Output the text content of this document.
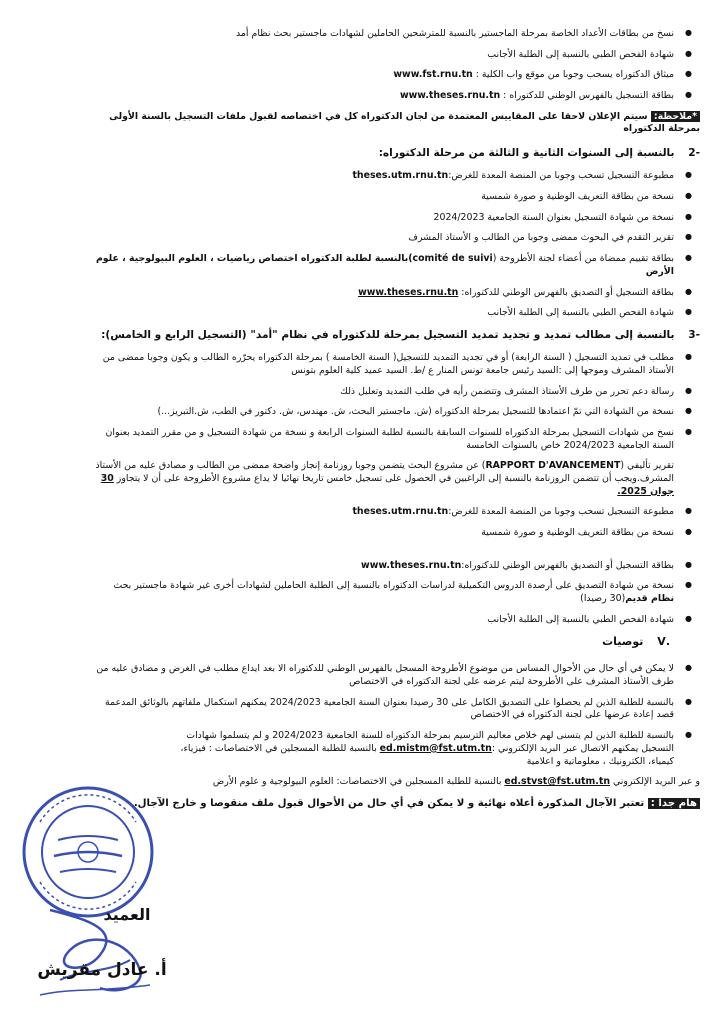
● نسخ من بطاقات الأعداد الخاصة بمرحلة الماجستير بالنسبة للمترشحين الحاملين لشهادات ماجستير بحث نظام أمد
● شهادة الفحص الطبي بالنسبة إلى الطلبة الأجانب
● ميثاق الدكتوراه يسحب وجوبا من موقع واب الكلية : www.fst.rnu.tn
● بطاقة التسجيل بالفهرس الوطني للدكتوراه : www.theses.rnu.tn
*ملاحظة: سيتم الإعلان لاحقا على المقاييس المعتمدة من لجان الدكتوراه كل في اختصاصه لقبول ملفات التسجيل بالسنة الأولى بمرحلة الدكتوراه
-2 بالنسبة إلى السنوات الثانية و الثالثة من مرحلة الدكتوراه:
● مطبوعة التسجيل تسحب وجوبا من المنصة المعدة للغرض:theses.utm.rnu.tn
● نسخة من بطاقة التعريف الوطنية و صورة شمسية
● نسخة من شهادة التسجيل بعنوان السنة الجامعية 2024/2023
● تقرير التقدم في البحوث ممضى وجوبا من الطالب و الأستاذ المشرف
● بطاقة تقييم ممضاة من أعضاء لجنة الأطروحة (comité de suivi)بالنسبة لطلبة الدكتوراه اختصاص رياضيات ، العلوم البيولوجية ، علوم الأرض
● بطاقة التسجيل أو التصديق بالفهرس الوطني للدكتوراه: www.theses.rnu.tn
● شهادة الفحص الطبي بالنسبة إلى الطلبة الأجانب
-3 بالنسبة إلى مطالب تمديد و تجديد تمديد التسجيل بمرحلة للدكتوراه في نظام "أمد" (التسجيل الرابع و الخامس):
● مطلب في تمديد التسجيل ( السنة الرابعة) أو في تجديد التمديد للتسجيل( السنة الخامسة ) بمرحلة الدكتوراه يحرّره الطالب و يكون وجوبا ممضى من الأستاذ المشرف وموجها إلى :السيد رئيس جامعة تونس المنار ع /ط. السيد عميد كلية العلوم بتونس
● رسالة دعم تحرر من طرف الأستاذ المشرف وتتضمن رأيه في طلب التمديد وتعليل ذلك
● نسخة من الشهادة التي تمّ اعتمادها للتسجيل بمرحلة الدكتوراه (ش. ماجستير البحث، ش. مهندس، ش. دكتور في الطب، ش.التبريز...)
● نسخ من شهادات التسجيل بمرحلة الدكتوراه للسنوات السابقة بالنسبة لطلبة السنوات الرابعة و نسخة من شهادة التسجيل و من مقرر التمديد بعنوان السنة الجامعية 2024/2023 خاص بالسنوات الخامسة
تقرير تأليفي (RAPPORT D'AVANCEMENT) عن مشروع البحث يتضمن وجوبا روزنامة إنجاز واضحة ممضى من الطالب و مصادق عليه من الأستاذ المشرف.ويجب أن تتضمن الروزنامة بالنسبة إلى الراغبين في الحصول على تسجيل خامس تاريخا نهائيا لا يداع مشروع الأطروحة على أن لا يتجاوز 30 جوان 2025.
● مطبوعة التسجيل تسحب وجوبا من المنصة المعدة للغرض:theses.utm.rnu.tn
● نسخة من بطاقة التعريف الوطنية و صورة شمسية
● بطاقة التسجيل أو التصديق بالفهرس الوطني للدكتوراه:www.theses.rnu.tn
● نسخة من شهادة التصديق على أرصدة الدروس التكميلية لدراسات الدكتوراه بالنسبة إلى الطلبة الحاملين لشهادات أخرى غير شهادة ماجستير بحث نظام قديم(30 رصيدا)
● شهادة الفحص الطبي بالنسبة إلى الطلبة الأجانب
.V توصيات
● لا يمكن في أي حال من الأحوال المساس من موضوع الأطروحة المسجل بالفهرس الوطني للدكتوراه الا بعد ايداع مطلب في الغرض و مصادق عليه من طرف الأستاذ المشرف على الأطروحة ليتم عرضه على لجنة الدكتوراه في الاختصاص
● بالنسبة للطلبة الذين لم يحصلوا على التصديق الكامل على 30 رصيدا بعنوان السنة الجامعية 2024/2023 يمكنهم استكمال ملفاتهم بالوثائق المدعمة قصد إعادة عرضها على لجنة الدكتوراه في الاختصاص
● بالنسبة للطلبة الذين لم يتسنى لهم خلاص معاليم الترسيم بمرحلة الدكتوراه للسنة الجامعية 2024/2023 و لم يتسلموا شهادات التسجيل يمكنهم الاتصال عبر البريد الإلكتروني :ed.mistm@fst.utm.tn بالنسبة للطلبة المسجلين في الاختصاصات : فيزياء، كيمياء، الكترونيك ، معلوماتية و اعلامية
و عبر البريد الإلكتروني ed.stvst@fst.utm.tn بالنسبة للطلبة المسجلين في الاختصاصات: العلوم البيولوجية و علوم الأرض
هام جدا : تعتبر الآجال المذكورة أعلاه نهائية و لا يمكن في أي حال من الأحوال قبول ملف منقوصا و خارج الآجال.
العميد
أ. عادل مقريش
